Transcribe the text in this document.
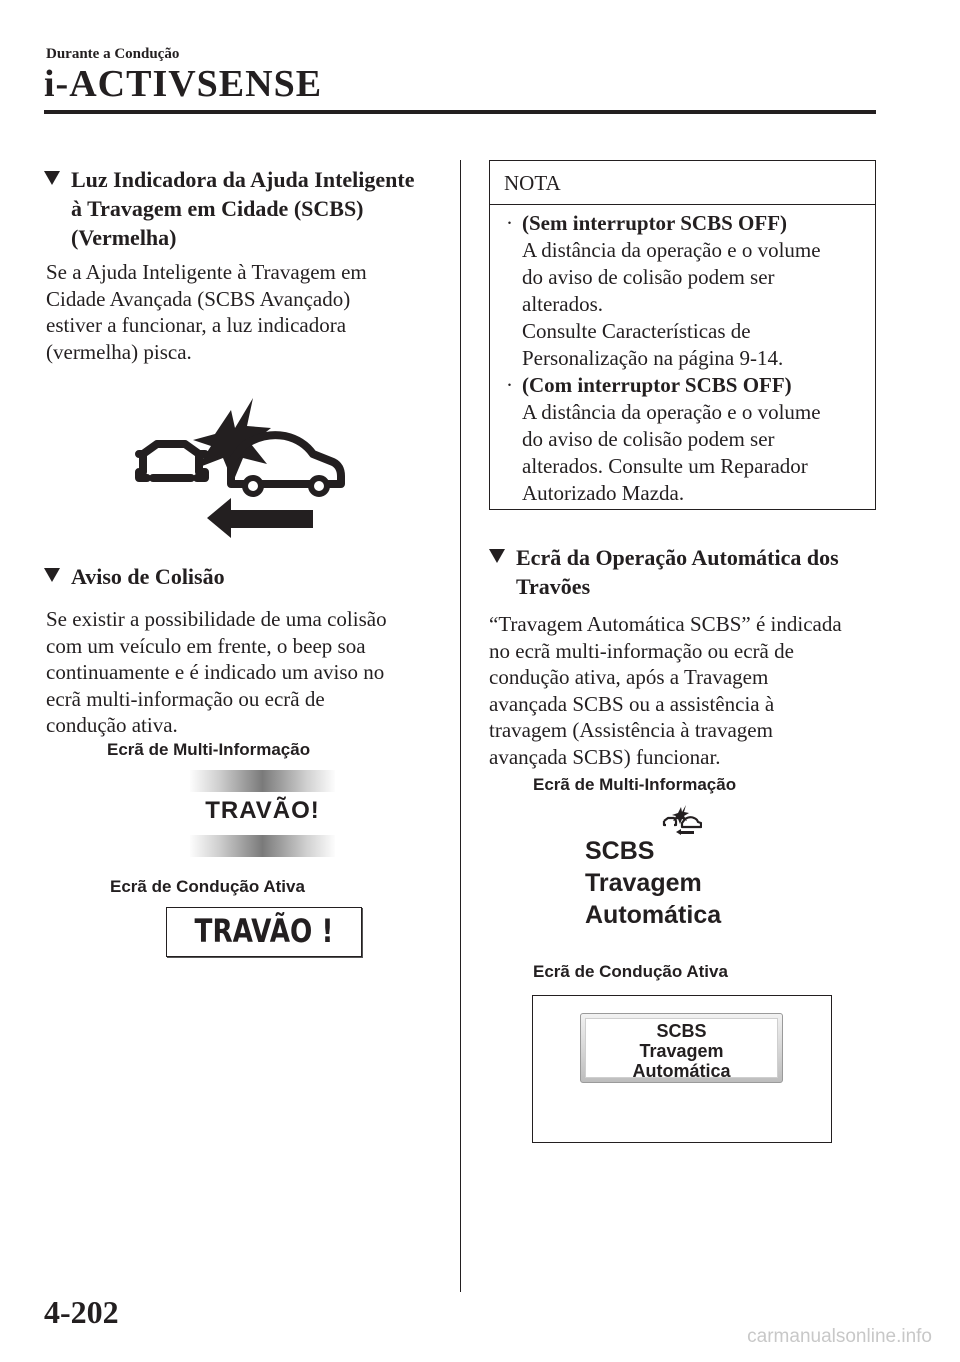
Durante a Condução
i-ACTIVSENSE
Luz Indicadora da Ajuda Inteligente
à Travagem em Cidade (SCBS)
(Vermelha)
Se a Ajuda Inteligente à Travagem em
Cidade Avançada (SCBS Avançado)
estiver a funcionar, a luz indicadora
(vermelha) pisca.
Aviso de Colisão
Se existir a possibilidade de uma colisão
com um veículo em frente, o beep soa
continuamente e é indicado um aviso no
ecrã multi-informação ou ecrã de
condução ativa.
Ecrã de Multi-Informação
TRAVÃO!
Ecrã de Condução Ativa
TRAVÃO !
NOTA
· (Sem interruptor SCBS OFF)
A distância da operação e o volume
do aviso de colisão podem ser
alterados.
Consulte Características de
Personalização na página 9-14.
· (Com interruptor SCBS OFF)
A distância da operação e o volume
do aviso de colisão podem ser
alterados. Consulte um Reparador
Autorizado Mazda.
Ecrã da Operação Automática dos
Travões
“Travagem Automática SCBS” é indicada
no ecrã multi-informação ou ecrã de
condução ativa, após a Travagem
avançada SCBS ou a assistência à
travagem (Assistência à travagem
avançada SCBS) funcionar.
Ecrã de Multi-Informação
SCBS
Travagem
Automática
Ecrã de Condução Ativa
SCBS
Travagem
Automática
4-202
carmanualsonline.info
